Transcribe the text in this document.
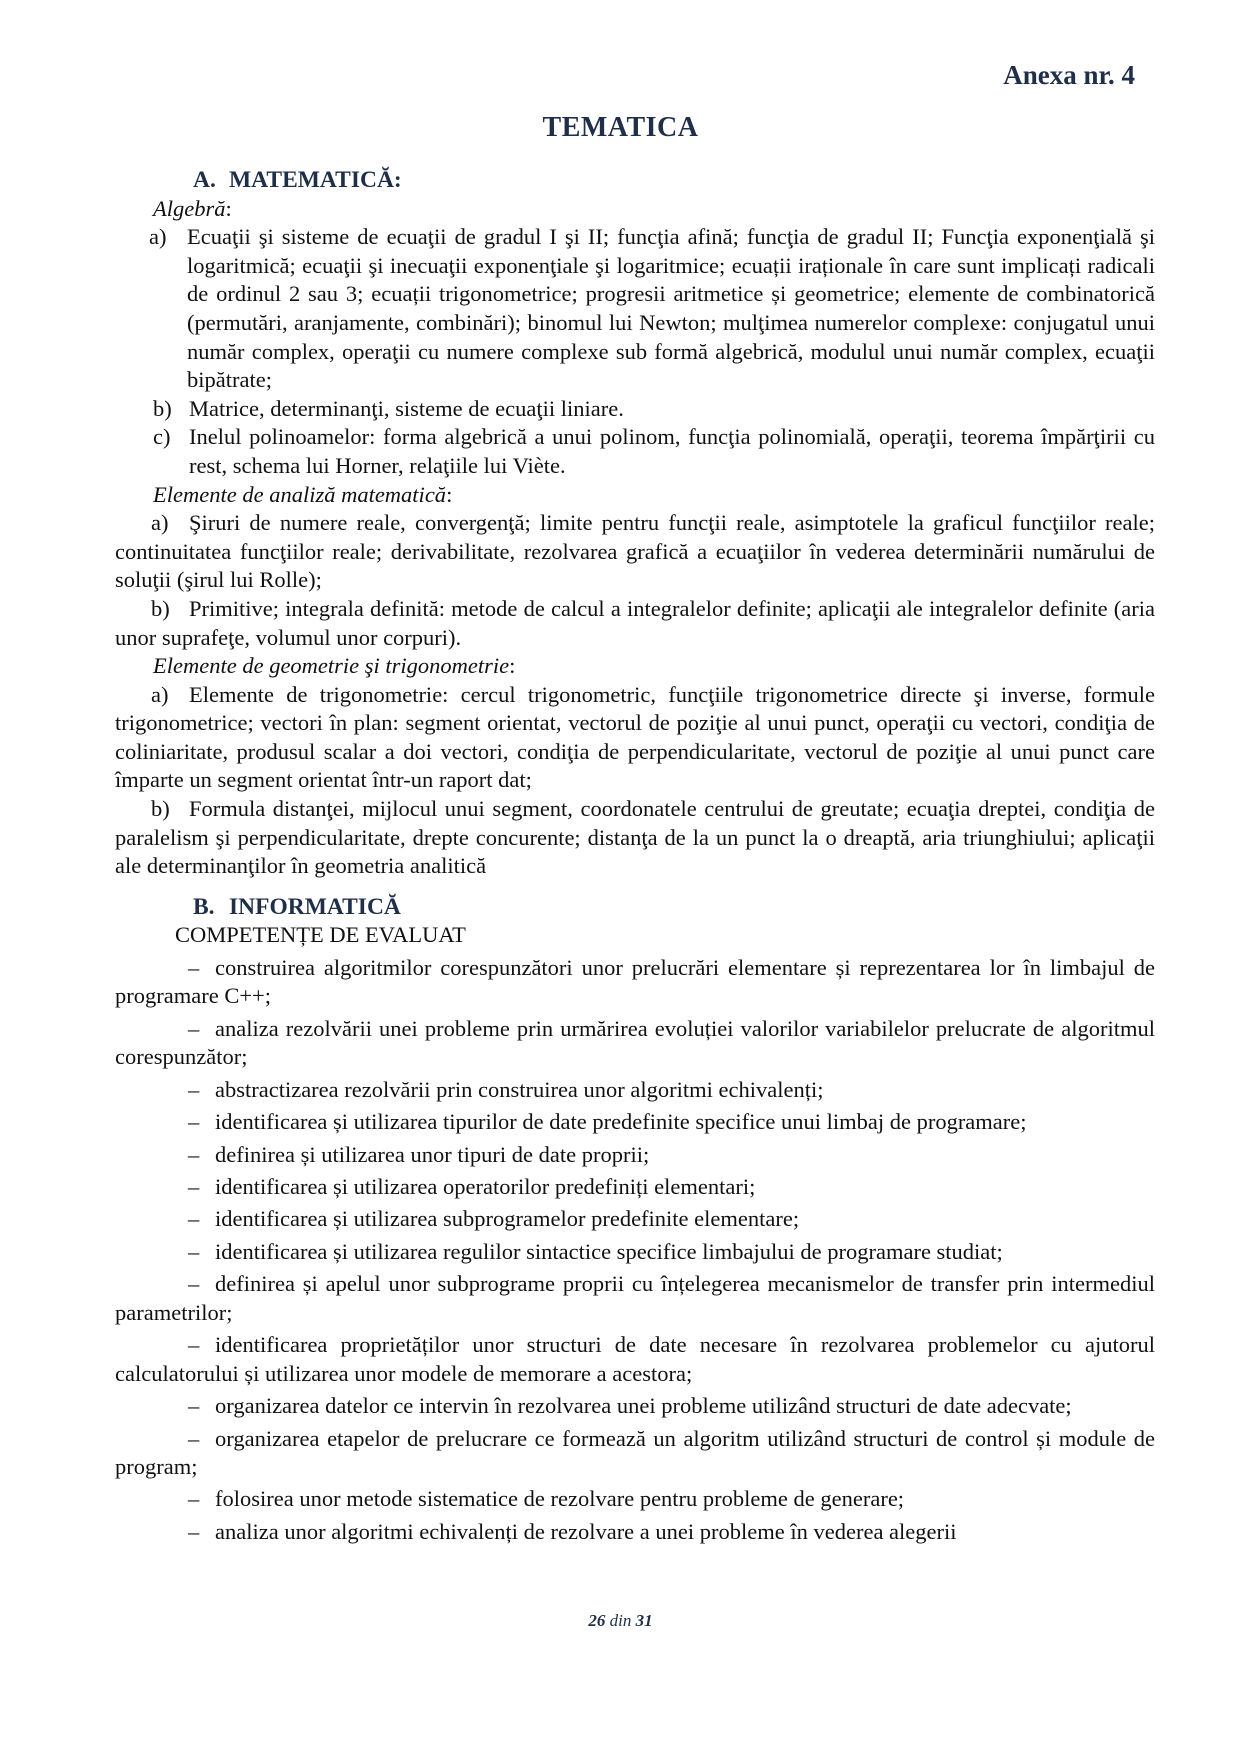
Anexa nr. 4
TEMATICA
A. MATEMATICĂ:
Algebră:
a) Ecuaţii şi sisteme de ecuaţii de gradul I şi II; funcţia afină; funcţia de gradul II; Funcţia exponenţială şi logaritmică; ecuaţii şi inecuaţii exponenţiale şi logaritmice; ecuații iraționale în care sunt implicați radicali de ordinul 2 sau 3; ecuații trigonometrice; progresii aritmetice și geometrice; elemente de combinatorică (permutări, aranjamente, combinări); binomul lui Newton; mulţimea numerelor complexe: conjugatul unui număr complex, operaţii cu numere complexe sub formă algebrică, modulul unui număr complex, ecuaţii bipătrate;
b) Matrice, determinanţi, sisteme de ecuaţii liniare.
c) Inelul polinoamelor: forma algebrică a unui polinom, funcţia polinomială, operaţii, teorema împărţirii cu rest, schema lui Horner, relaţiile lui Viète.
Elemente de analiză matematică:
a) Şiruri de numere reale, convergenţă; limite pentru funcţii reale, asimptotele la graficul funcţiilor reale; continuitatea funcţiilor reale; derivabilitate, rezolvarea grafică a ecuaţiilor în vederea determinării numărului de soluţii (şirul lui Rolle);
b) Primitive; integrala definită: metode de calcul a integralelor definite; aplicaţii ale integralelor definite (aria unor suprafeţe, volumul unor corpuri).
Elemente de geometrie şi trigonometrie:
a) Elemente de trigonometrie: cercul trigonometric, funcţiile trigonometrice directe şi inverse, formule trigonometrice; vectori în plan: segment orientat, vectorul de poziţie al unui punct, operaţii cu vectori, condiţia de coliniaritate, produsul scalar a doi vectori, condiţia de perpendicularitate, vectorul de poziţie al unui punct care împarte un segment orientat într-un raport dat;
b) Formula distanţei, mijlocul unui segment, coordonatele centrului de greutate; ecuaţia dreptei, condiţia de paralelism şi perpendicularitate, drepte concurente; distanţa de la un punct la o dreaptă, aria triunghiului; aplicaţii ale determinanţilor în geometria analitică
B. INFORMATICĂ
COMPETENȚE DE EVALUAT
– construirea algoritmilor corespunzători unor prelucrări elementare și reprezentarea lor în limbajul de programare C++;
– analiza rezolvării unei probleme prin urmărirea evoluției valorilor variabilelor prelucrate de algoritmul corespunzător;
– abstractizarea rezolvării prin construirea unor algoritmi echivalenți;
– identificarea și utilizarea tipurilor de date predefinite specifice unui limbaj de programare;
– definirea și utilizarea unor tipuri de date proprii;
– identificarea și utilizarea operatorilor predefiniți elementari;
– identificarea și utilizarea subprogramelor predefinite elementare;
– identificarea și utilizarea regulilor sintactice specifice limbajului de programare studiat;
– definirea și apelul unor subprograme proprii cu înțelegerea mecanismelor de transfer prin intermediul parametrilor;
– identificarea proprietăților unor structuri de date necesare în rezolvarea problemelor cu ajutorul calculatorului și utilizarea unor modele de memorare a acestora;
– organizarea datelor ce intervin în rezolvarea unei probleme utilizând structuri de date adecvate;
– organizarea etapelor de prelucrare ce formează un algoritm utilizând structuri de control și module de program;
– folosirea unor metode sistematice de rezolvare pentru probleme de generare;
– analiza unor algoritmi echivalenți de rezolvare a unei probleme în vederea alegerii
26 din 31
